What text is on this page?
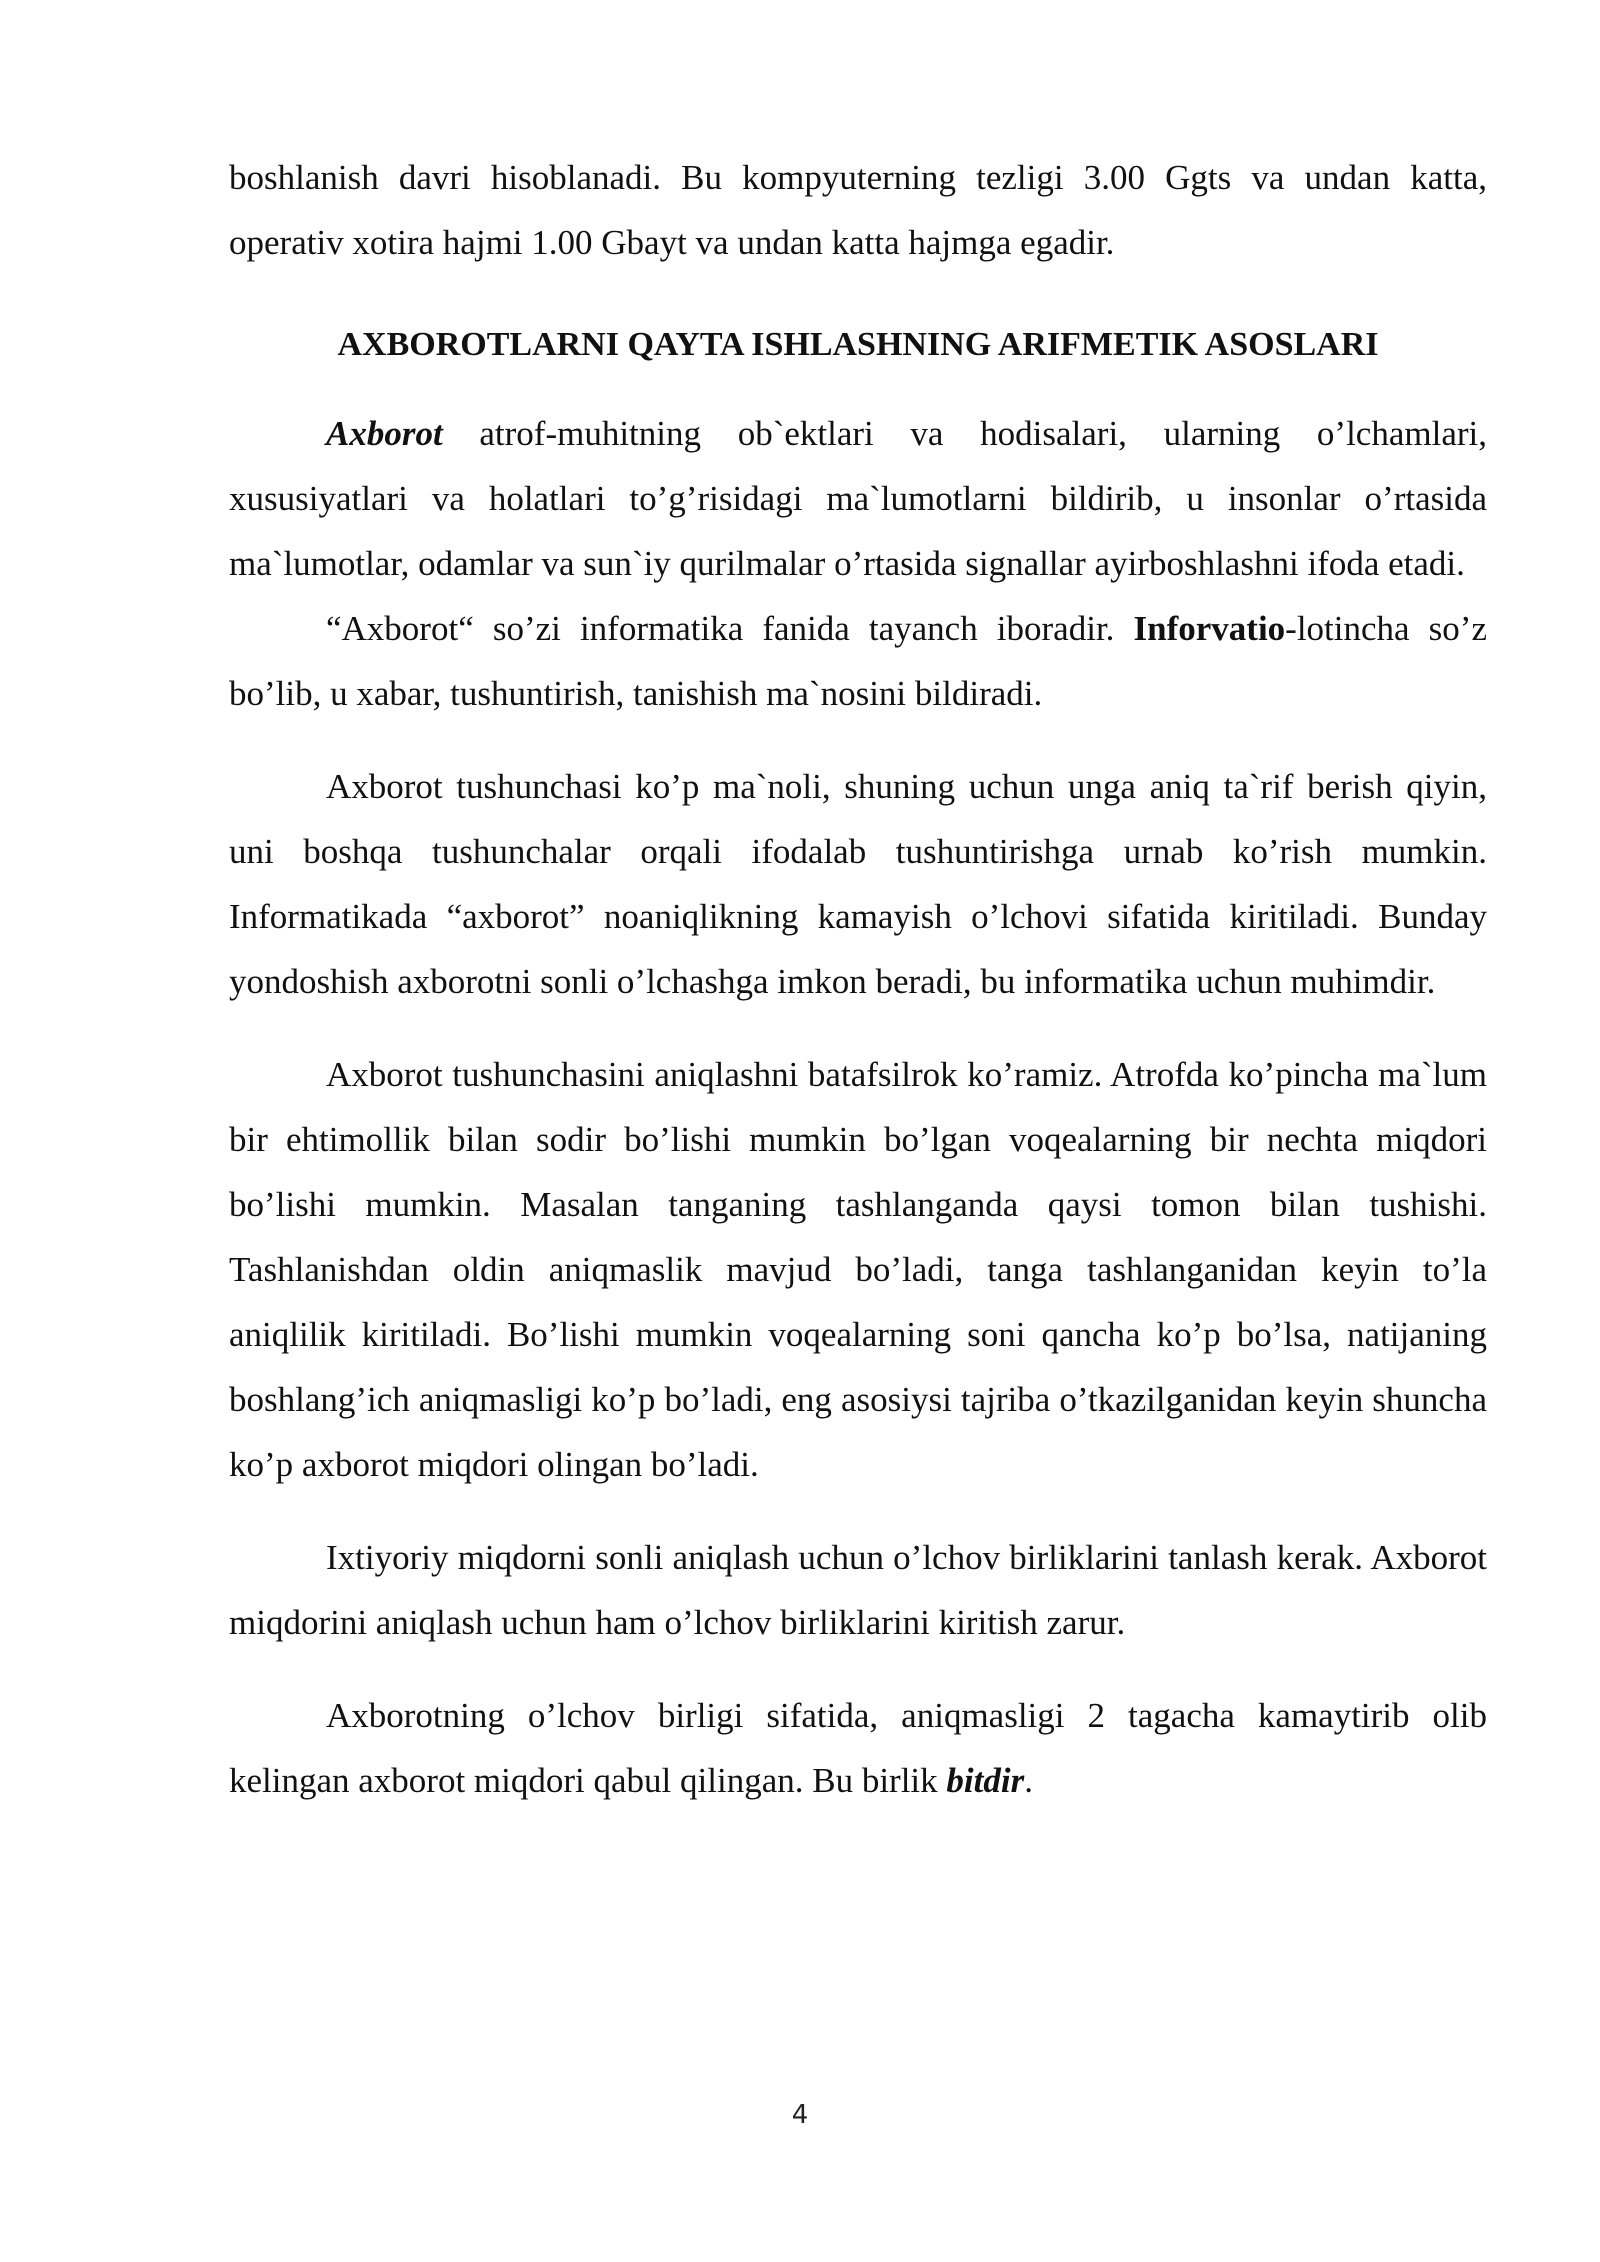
boshlanish davri hisoblanadi. Bu kompyuterning tezligi 3.00 Ggts va undan katta, operativ xotira hajmi 1.00 Gbayt va undan katta hajmga egadir.

AXBOROTLARNI QAYTA ISHLASHNING ARIFMETIK ASOSLARI

Axborot atrof-muhitning ob`ektlari va hodisalari, ularning o’lchamlari, xususiyatlari va holatlari to’g’risidagi ma`lumotlarni bildirib, u insonlar o’rtasida ma`lumotlar, odamlar va sun`iy qurilmalar o’rtasida signallar ayirboshlashni ifoda etadi.

“Axborot“ so’zi informatika fanida tayanch iboradir. Inforvatio-lotincha so’z bo’lib, u xabar, tushuntirish, tanishish ma`nosini bildiradi.

Axborot tushunchasi ko’p ma`noli, shuning uchun unga aniq ta`rif berish qiyin, uni boshqa tushunchalar orqali ifodalab tushuntirishga urnab ko’rish mumkin. Informatikada “axborot” noaniqlikning kamayish o’lchovi sifatida kiritiladi. Bunday yondoshish axborotni sonli o’lchashga imkon beradi, bu informatika uchun muhimdir.

Axborot tushunchasini aniqlashni batafsilrok ko’ramiz. Atrofda ko’pincha ma`lum bir ehtimollik bilan sodir bo’lishi mumkin bo’lgan voqealarning bir nechta miqdori bo’lishi mumkin. Masalan tanganing tashlanganda qaysi tomon bilan tushishi. Tashlanishdan oldin aniqmaslik mavjud bo’ladi, tanga tashlanganidan keyin to’la aniqlilik kiritiladi. Bo’lishi mumkin voqealarning soni qancha ko’p bo’lsa, natijaning boshlang’ich aniqmasligi ko’p bo’ladi, eng asosiysi tajriba o’tkazilganidan keyin shuncha ko’p axborot miqdori olingan bo’ladi.

Ixtiyoriy miqdorni sonli aniqlash uchun o’lchov birliklarini tanlash kerak. Axborot miqdorini aniqlash uchun ham o’lchov birliklarini kiritish zarur.

Axborotning o’lchov birligi sifatida, aniqmasligi 2 tagacha kamaytirib olib kelingan axborot miqdori qabul qilingan. Bu birlik bitdir.

4
